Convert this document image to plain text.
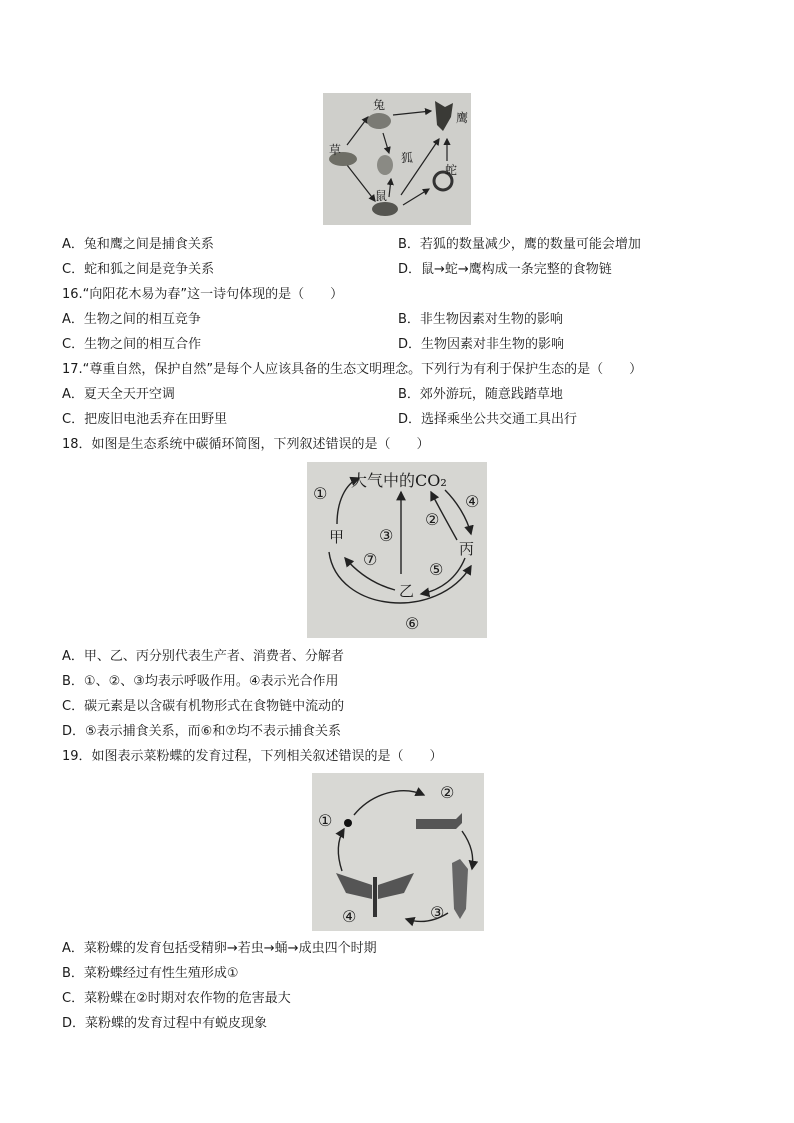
兔
鹰
草
狐
蛇
鼠
A．兔和鹰之间是捕食关系	B．若狐的数量减少，鹰的数量可能会增加
C．蛇和狐之间是竞争关系	D．鼠→蛇→鹰构成一条完整的食物链
16.“向阳花木易为春”这一诗句体现的是（　　）
A．生物之间的相互竞争	B．非生物因素对生物的影响
C．生物之间的相互合作	D．生物因素对非生物的影响
17.“尊重自然，保护自然”是每个人应该具备的生态文明理念。下列行为有利于保护生态的是（　　）
A．夏天全天开空调	B．郊外游玩，随意践踏草地
C．把废旧电池丢弃在田野里	D．选择乘坐公共交通工具出行
18．如图是生态系统中碳循环简图，下列叙述错误的是（　　）
大气中的CO₂
甲
乙
丙
①
②
③
④
⑤
⑥
⑦
A．甲、乙、丙分别代表生产者、消费者、分解者
B．①、②、③均表示呼吸作用。④表示光合作用
C．碳元素是以含碳有机物形式在食物链中流动的
D．⑤表示捕食关系，而⑥和⑦均不表示捕食关系
19．如图表示菜粉蝶的发育过程，下列相关叙述错误的是（　　）
①
②
③
④
A．菜粉蝶的发育包括受精卵→若虫→蛹→成虫四个时期
B．菜粉蝶经过有性生殖形成①
C．菜粉蝶在②时期对农作物的危害最大
D．菜粉蝶的发育过程中有蜕皮现象
